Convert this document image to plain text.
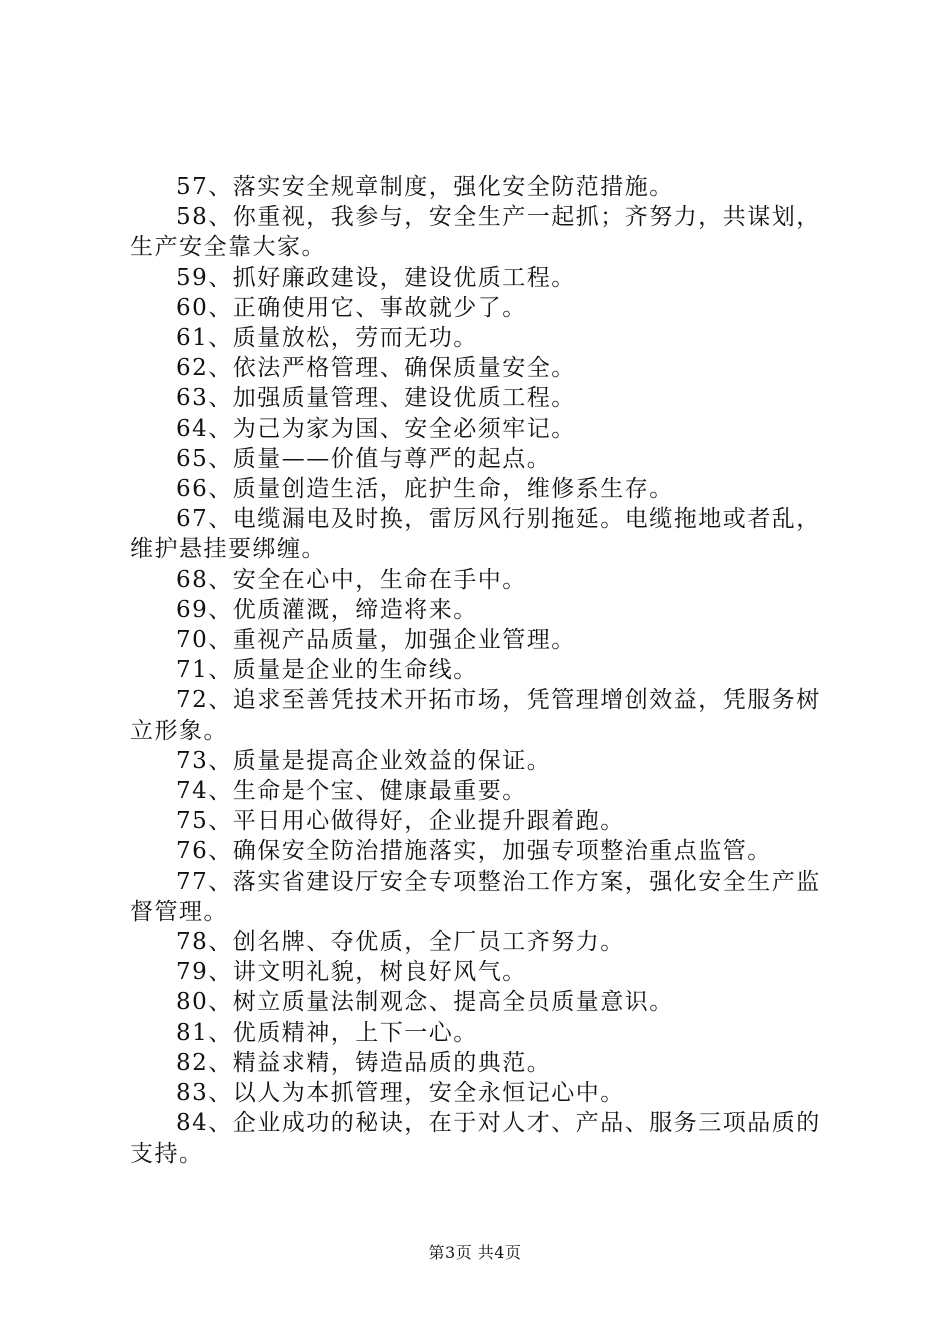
57、落实安全规章制度，强化安全防范措施。

58、你重视，我参与，安全生产一起抓；齐努力，共谋划，生产安全靠大家。

59、抓好廉政建设，建设优质工程。

60、正确使用它、事故就少了。

61、质量放松，劳而无功。

62、依法严格管理、确保质量安全。

63、加强质量管理、建设优质工程。

64、为己为家为国、安全必须牢记。

65、质量——价值与尊严的起点。

66、质量创造生活，庇护生命，维修系生存。

67、电缆漏电及时换，雷厉风行别拖延。电缆拖地或者乱，维护悬挂要绑缠。

68、安全在心中，生命在手中。

69、优质灌溉，缔造将来。

70、重视产品质量，加强企业管理。

71、质量是企业的生命线。

72、追求至善凭技术开拓市场，凭管理增创效益，凭服务树立形象。

73、质量是提高企业效益的保证。

74、生命是个宝、健康最重要。

75、平日用心做得好，企业提升跟着跑。

76、确保安全防治措施落实，加强专项整治重点监管。

77、落实省建设厅安全专项整治工作方案，强化安全生产监督管理。

78、创名牌、夺优质，全厂员工齐努力。

79、讲文明礼貌，树良好风气。

80、树立质量法制观念、提高全员质量意识。

81、优质精神，上下一心。

82、精益求精，铸造品质的典范。

83、以人为本抓管理，安全永恒记心中。

84、企业成功的秘诀，在于对人才、产品、服务三项品质的支持。

第3页 共4页
